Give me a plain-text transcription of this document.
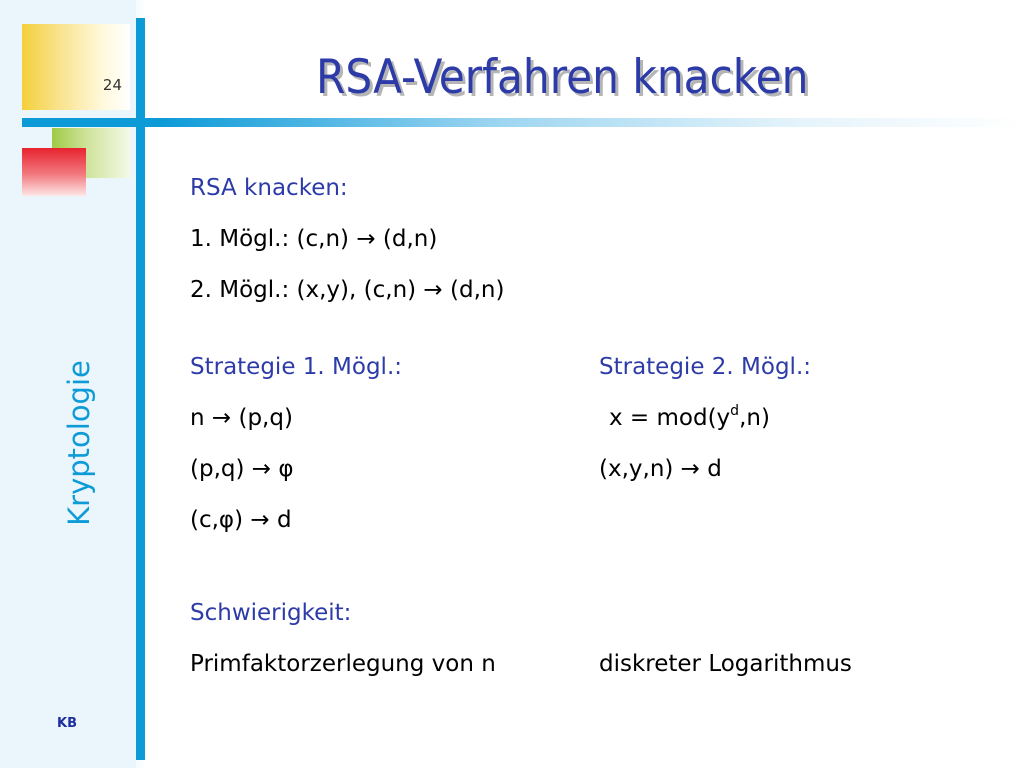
24
Kryptologie
KB
RSA-Verfahren knacken
RSA knacken:
1. Mögl.: (c,n) → (d,n)
2. Mögl.: (x,y), (c,n) → (d,n)
Strategie 1. Mögl.:
n → (p,q)
(p,q) → φ
(c,φ) → d
Strategie 2. Mögl.:
$x = mod(y^d,n)$
(x,y,n) → d
Schwierigkeit:
Primfaktorzerlegung von n	diskreter Logarithmus
